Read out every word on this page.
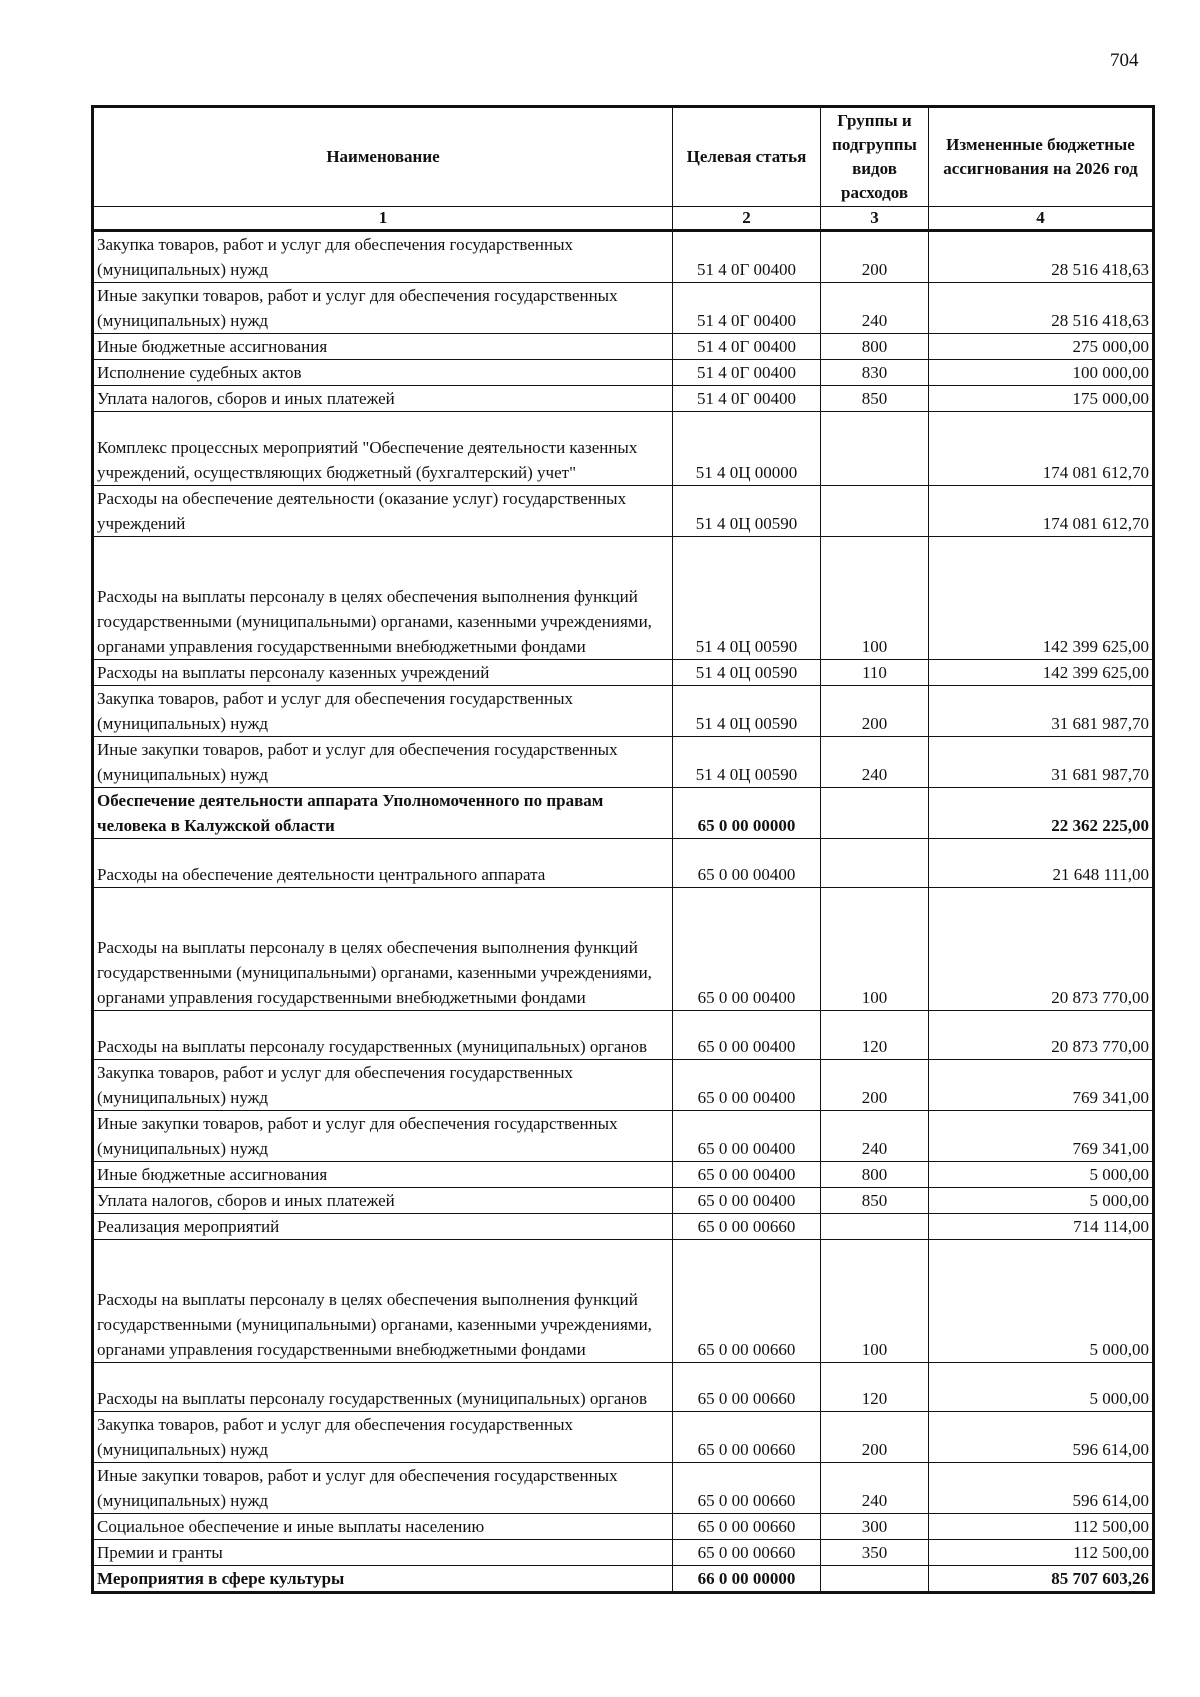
704
Наименование	Целевая статья	Группы и подгруппы видов расходов	Измененные бюджетные ассигнования на 2026 год
1	2	3	4
Закупка товаров, работ и услуг для обеспечения государственных (муниципальных) нужд	51 4 0Г 00400	200	28 516 418,63
Иные закупки товаров, работ и услуг для обеспечения государственных (муниципальных) нужд	51 4 0Г 00400	240	28 516 418,63
Иные бюджетные ассигнования	51 4 0Г 00400	800	275 000,00
Исполнение судебных актов	51 4 0Г 00400	830	100 000,00
Уплата налогов, сборов и иных платежей	51 4 0Г 00400	850	175 000,00
Комплекс процессных мероприятий "Обеспечение деятельности казенных учреждений, осуществляющих бюджетный (бухгалтерский) учет"	51 4 0Ц 00000		174 081 612,70
Расходы на обеспечение деятельности (оказание услуг) государственных учреждений	51 4 0Ц 00590		174 081 612,70
Расходы на выплаты персоналу в целях обеспечения выполнения функций государственными (муниципальными) органами, казенными учреждениями, органами управления государственными внебюджетными фондами	51 4 0Ц 00590	100	142 399 625,00
Расходы на выплаты персоналу казенных учреждений	51 4 0Ц 00590	110	142 399 625,00
Закупка товаров, работ и услуг для обеспечения государственных (муниципальных) нужд	51 4 0Ц 00590	200	31 681 987,70
Иные закупки товаров, работ и услуг для обеспечения государственных (муниципальных) нужд	51 4 0Ц 00590	240	31 681 987,70
Обеспечение деятельности аппарата Уполномоченного по правам человека в Калужской области	65 0 00 00000		22 362 225,00
Расходы на обеспечение деятельности центрального аппарата	65 0 00 00400		21 648 111,00
Расходы на выплаты персоналу в целях обеспечения выполнения функций государственными (муниципальными) органами, казенными учреждениями, органами управления государственными внебюджетными фондами	65 0 00 00400	100	20 873 770,00
Расходы на выплаты персоналу государственных (муниципальных) органов	65 0 00 00400	120	20 873 770,00
Закупка товаров, работ и услуг для обеспечения государственных (муниципальных) нужд	65 0 00 00400	200	769 341,00
Иные закупки товаров, работ и услуг для обеспечения государственных (муниципальных) нужд	65 0 00 00400	240	769 341,00
Иные бюджетные ассигнования	65 0 00 00400	800	5 000,00
Уплата налогов, сборов и иных платежей	65 0 00 00400	850	5 000,00
Реализация мероприятий	65 0 00 00660		714 114,00
Расходы на выплаты персоналу в целях обеспечения выполнения функций государственными (муниципальными) органами, казенными учреждениями, органами управления государственными внебюджетными фондами	65 0 00 00660	100	5 000,00
Расходы на выплаты персоналу государственных (муниципальных) органов	65 0 00 00660	120	5 000,00
Закупка товаров, работ и услуг для обеспечения государственных (муниципальных) нужд	65 0 00 00660	200	596 614,00
Иные закупки товаров, работ и услуг для обеспечения государственных (муниципальных) нужд	65 0 00 00660	240	596 614,00
Социальное обеспечение и иные выплаты населению	65 0 00 00660	300	112 500,00
Премии и гранты	65 0 00 00660	350	112 500,00
Мероприятия в сфере культуры	66 0 00 00000		85 707 603,26
